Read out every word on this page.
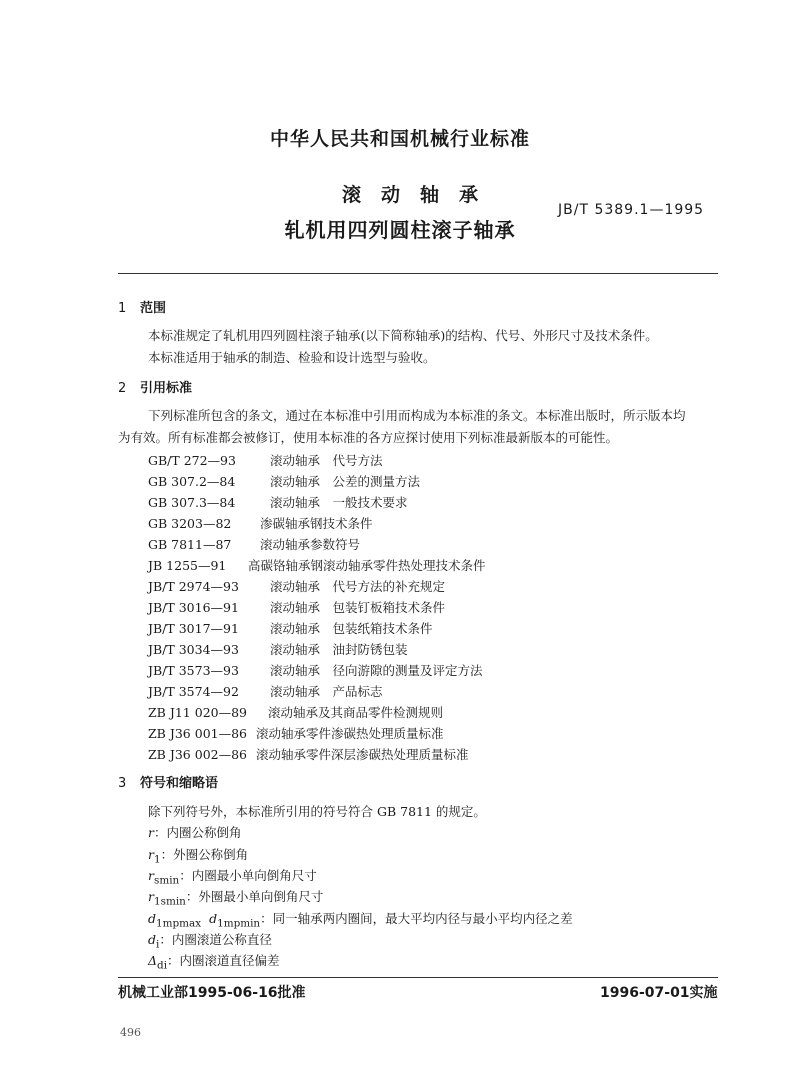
中华人民共和国机械行业标准
滚动轴承
轧机用四列圆柱滚子轴承
JB/T 5389.1—1995
1 范围
本标准规定了轧机用四列圆柱滚子轴承(以下简称轴承)的结构、代号、外形尺寸及技术条件。
本标准适用于轴承的制造、检验和设计选型与验收。
2 引用标准
下列标准所包含的条文，通过在本标准中引用而构成为本标准的条文。本标准出版时，所示版本均
为有效。所有标准都会被修订，使用本标准的各方应探讨使用下列标准最新版本的可能性。
GB/T 272—93	滚动轴承　代号方法
GB 307.2—84	滚动轴承　公差的测量方法
GB 307.3—84	滚动轴承　一般技术要求
GB 3203—82 渗碳轴承钢技术条件
GB 7811—87 滚动轴承参数符号
JB 1255—91 高碳铬轴承钢滚动轴承零件热处理技术条件
JB/T 2974—93 滚动轴承　代号方法的补充规定
JB/T 3016—91 滚动轴承　包装钉板箱技术条件
JB/T 3017—91 滚动轴承　包装纸箱技术条件
JB/T 3034—93 滚动轴承　油封防锈包装
JB/T 3573—93 滚动轴承　径向游隙的测量及评定方法
JB/T 3574—92 滚动轴承　产品标志
ZB J11 020—89 滚动轴承及其商品零件检测规则
ZB J36 001—86 滚动轴承零件渗碳热处理质量标准
ZB J36 002—86 滚动轴承零件深层渗碳热处理质量标准
3 符号和缩略语
除下列符号外，本标准所引用的符号符合 GB 7811 的规定。
r：内圈公称倒角
$r_1$：外圈公称倒角
$r_{smin}$：内圈最小单向倒角尺寸
$r_{1smin}$：外圈最小单向倒角尺寸
$d_{1mpmax}$ $d_{1mpmin}$：同一轴承两内圈间，最大平均内径与最小平均内径之差
$d_i$：内圈滚道公称直径
$\Delta_{di}$：内圈滚道直径偏差
机械工业部1995-06-16批准	1996-07-01实施
496
